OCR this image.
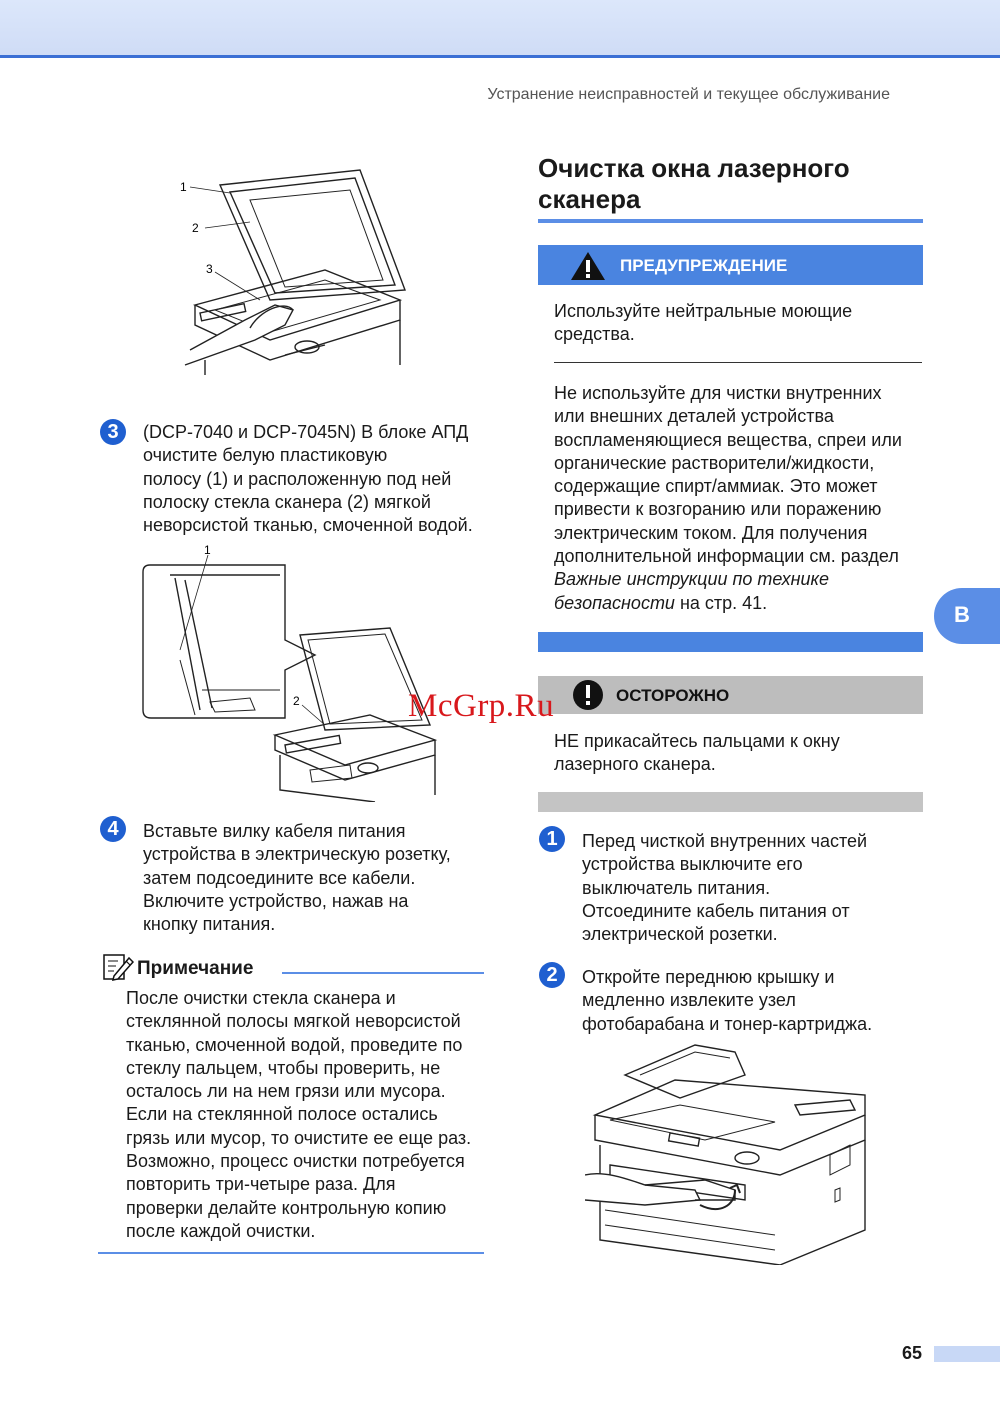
Устранение неисправностей и текущее обслуживание
1
2
3
3	(DCP-7040 и DCP-7045N) В блоке АПД
очистите белую пластиковую
полосу (1) и расположенную под ней
полоску стекла сканера (2) мягкой
неворсистой тканью, смоченной водой.
1
2
4	Вставьте вилку кабеля питания
устройства в электрическую розетку,
затем подсоедините все кабели.
Включите устройство, нажав на
кнопку питания.
Примечание
После очистки стекла сканера и
стеклянной полосы мягкой неворсистой
тканью, смоченной водой, проведите по
стеклу пальцем, чтобы проверить, не
осталось ли на нем грязи или мусора.
Если на стеклянной полосе остались
грязь или мусор, то очистите ее еще раз.
Возможно, процесс очистки потребуется
повторить три-четыре раза. Для
проверки делайте контрольную копию
после каждой очистки.
Очистка окна лазерного
сканера
ПРЕДУПРЕЖДЕНИЕ
Используйте нейтральные моющие
средства.
Не используйте для чистки внутренних
или внешних деталей устройства
воспламеняющиеся вещества, спреи или
органические растворители/жидкости,
содержащие спирт/аммиак. Это может
привести к возгоранию или поражению
электрическим током. Для получения
дополнительной информации см. раздел
Важные инструкции по технике
безопасности на стр. 41.	B
ОСТОРОЖНО
НЕ прикасайтесь пальцами к окну
лазерного сканера.
McGrp.Ru
1	Перед чисткой внутренних частей
устройства выключите его
выключатель питания.
Отсоедините кабель питания от
электрической розетки.
2	Откройте переднюю крышку и
медленно извлеките узел
фотобарабана и тонер-картриджа.
65
